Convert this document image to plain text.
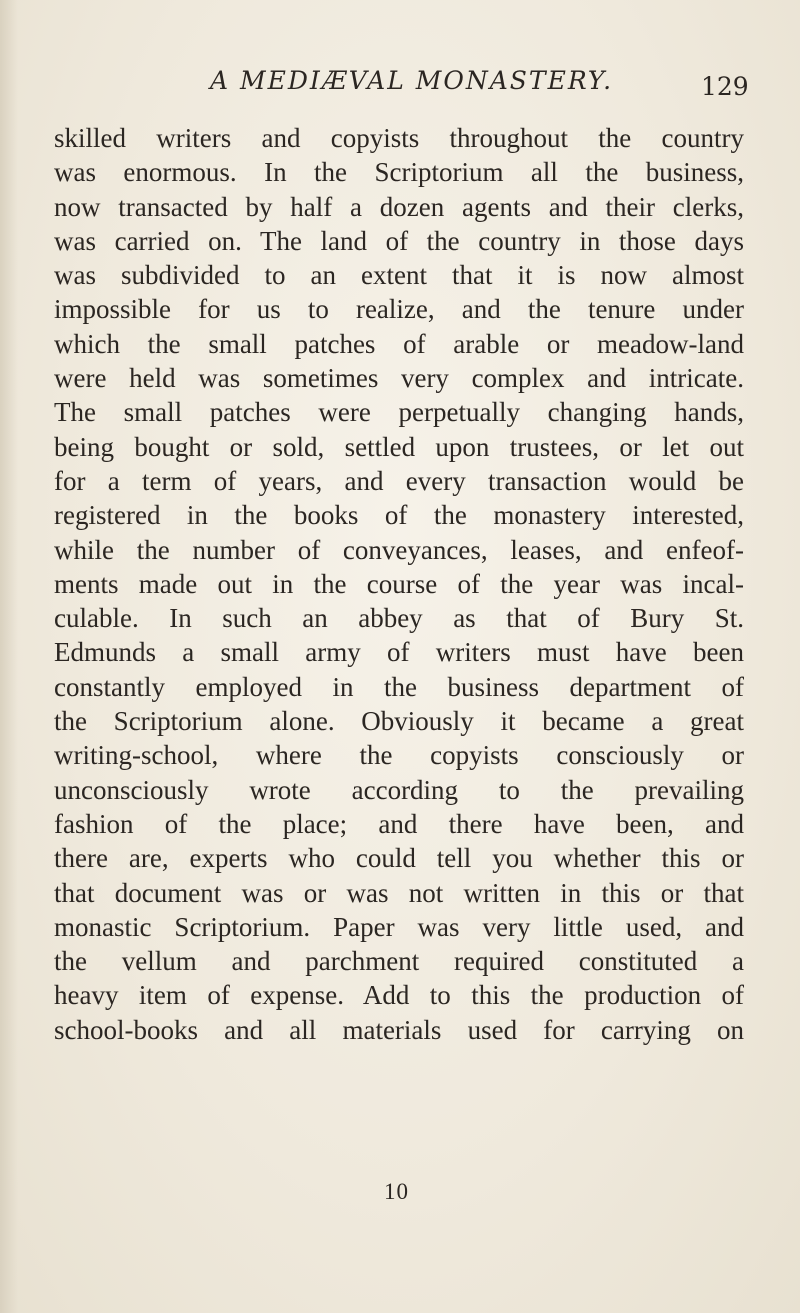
A MEDIÆVAL MONASTERY.	129
skilled writers and copyists throughout the country
was enormous. In the Scriptorium all the business,
now transacted by half a dozen agents and their clerks,
was carried on. The land of the country in those days
was subdivided to an extent that it is now almost
impossible for us to realize, and the tenure under
which the small patches of arable or meadow-land
were held was sometimes very complex and intricate.
The small patches were perpetually changing hands,
being bought or sold, settled upon trustees, or let out
for a term of years, and every transaction would be
registered in the books of the monastery interested,
while the number of conveyances, leases, and enfeof-
ments made out in the course of the year was incal-
culable. In such an abbey as that of Bury St.
Edmunds a small army of writers must have been
constantly employed in the business department of
the Scriptorium alone. Obviously it became a great
writing-school, where the copyists consciously or
unconsciously wrote according to the prevailing
fashion of the place; and there have been, and
there are, experts who could tell you whether this or
that document was or was not written in this or that
monastic Scriptorium. Paper was very little used, and
the vellum and parchment required constituted a
heavy item of expense. Add to this the production of
school-books and all materials used for carrying on
10
